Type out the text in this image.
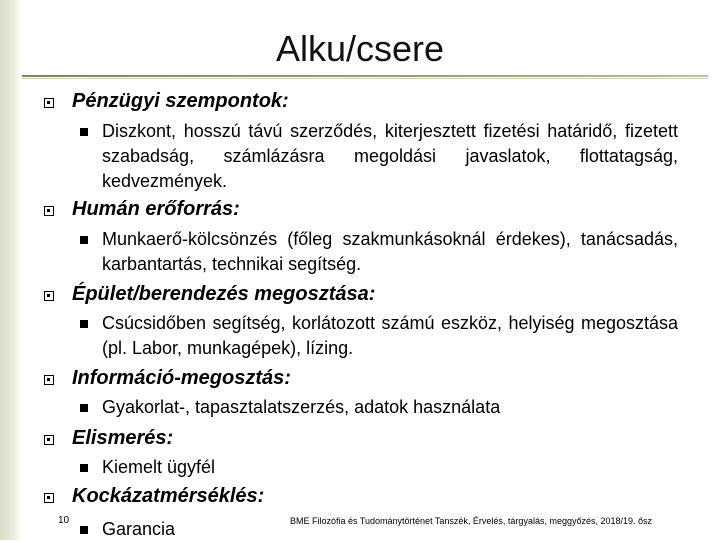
Alku/csere
Pénzügyi szempontok:
Diszkont, hosszú távú szerződés, kiterjesztett fizetési határidő, fizetett szabadság, számlázásra megoldási javaslatok, flottatagság, kedvezmények.
Humán erőforrás:
Munkaerő-kölcsönzés (főleg szakmunkásoknál érdekes), tanácsadás, karbantartás, technikai segítség.
Épület/berendezés megosztása:
Csúcsidőben segítség, korlátozott számú eszköz, helyiség megosztása (pl. Labor, munkagépek), lízing.
Információ-megosztás:
Gyakorlat-, tapasztalatszerzés, adatok használata
Elismerés:
Kiemelt ügyfél
Kockázatmérséklés:
Garancia
10	BME Filozófia és Tudománytörténet Tanszék, Érvelés, tárgyalás, meggyőzés, 2018/19. ősz
